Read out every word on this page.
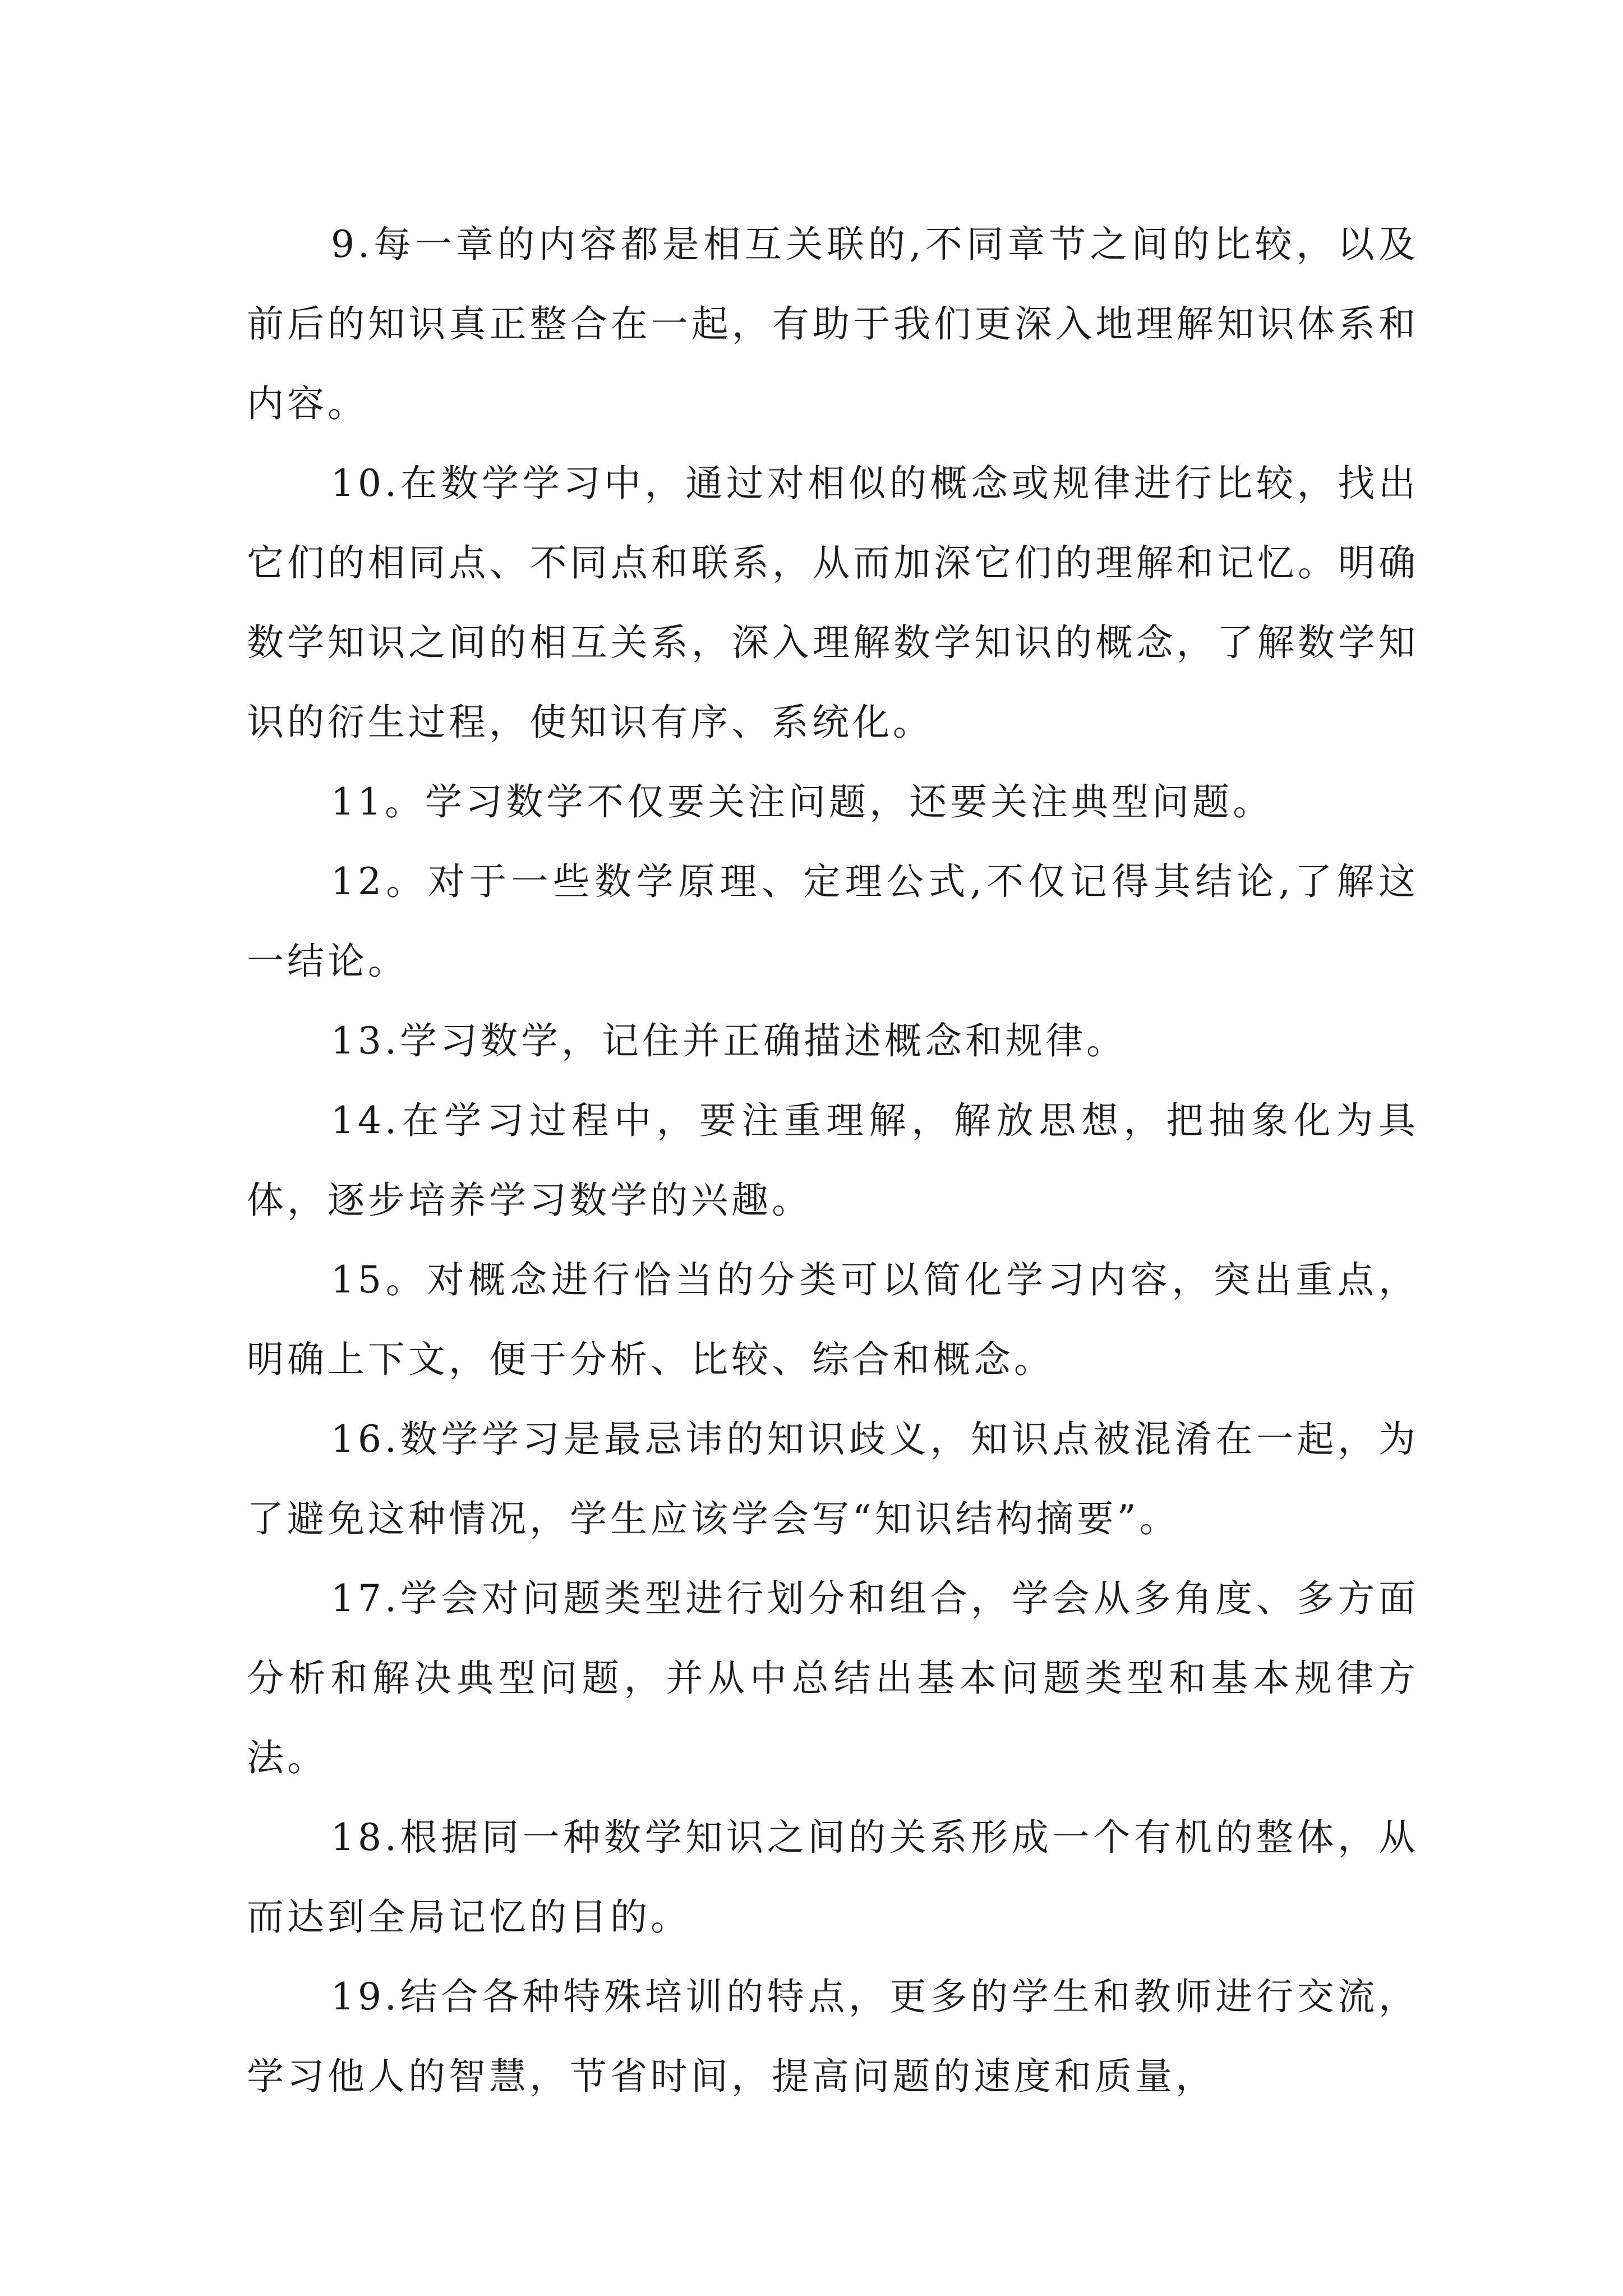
9.每一章的内容都是相互关联的,不同章节之间的比较，以及前后的知识真正整合在一起，有助于我们更深入地理解知识体系和内容。

10.在数学学习中，通过对相似的概念或规律进行比较，找出它们的相同点、不同点和联系，从而加深它们的理解和记忆。明确数学知识之间的相互关系，深入理解数学知识的概念，了解数学知识的衍生过程，使知识有序、系统化。

11。学习数学不仅要关注问题，还要关注典型问题。

12。对于一些数学原理、定理公式,不仅记得其结论,了解这一结论。

13.学习数学，记住并正确描述概念和规律。

14.在学习过程中，要注重理解，解放思想，把抽象化为具体，逐步培养学习数学的兴趣。

15。对概念进行恰当的分类可以简化学习内容，突出重点，明确上下文，便于分析、比较、综合和概念。

16.数学学习是最忌讳的知识歧义，知识点被混淆在一起，为了避免这种情况，学生应该学会写“知识结构摘要”。

17.学会对问题类型进行划分和组合，学会从多角度、多方面分析和解决典型问题，并从中总结出基本问题类型和基本规律方法。

18.根据同一种数学知识之间的关系形成一个有机的整体，从而达到全局记忆的目的。

19.结合各种特殊培训的特点，更多的学生和教师进行交流，学习他人的智慧，节省时间，提高问题的速度和质量，
